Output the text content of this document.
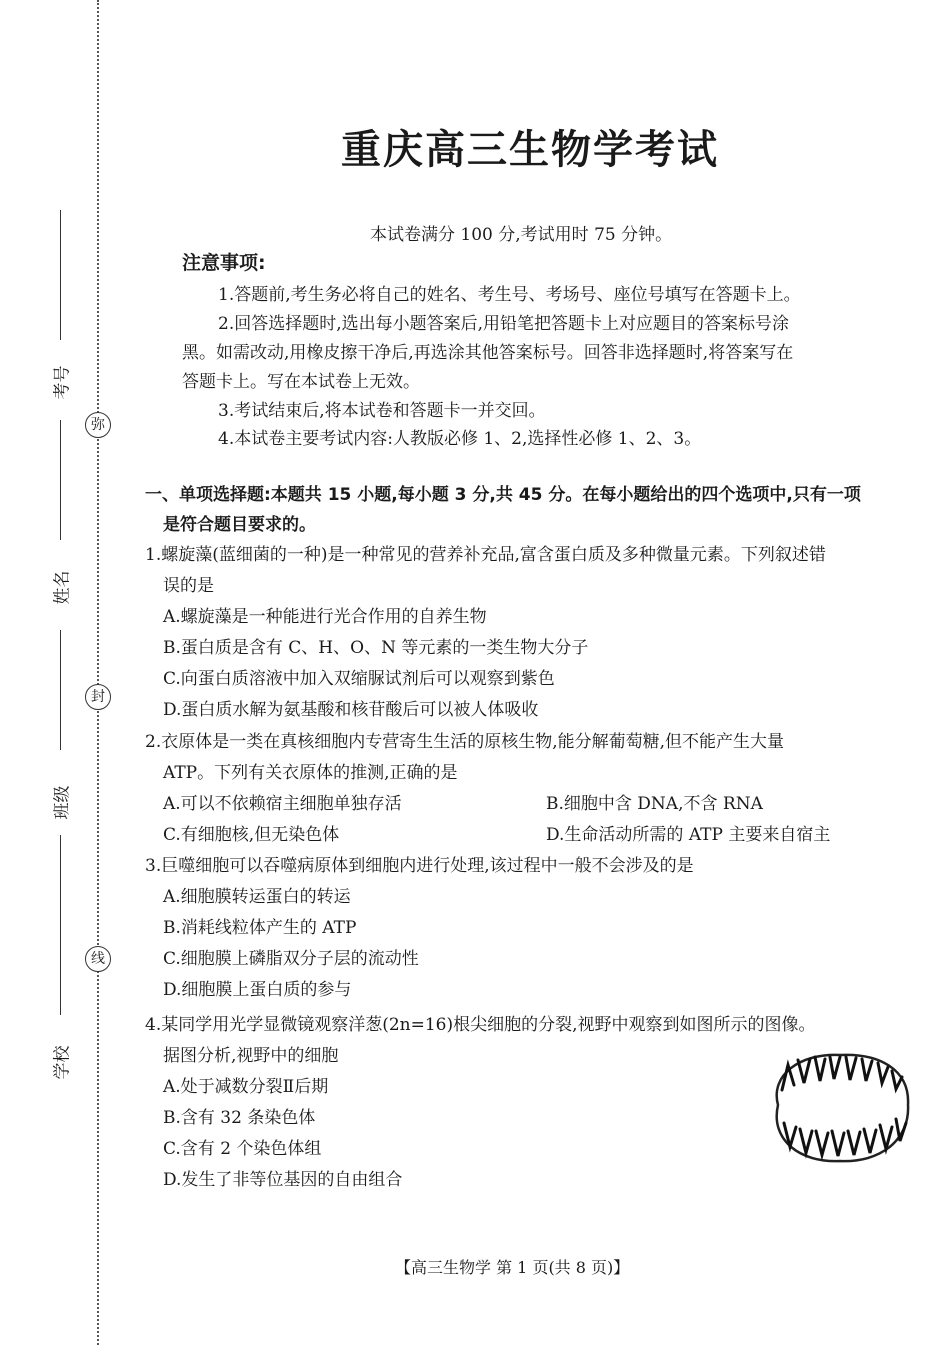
考号
姓名
班级
学校
弥
封
线
重庆高三生物学考试
本试卷满分 100 分,考试用时 75 分钟。
注意事项:
1.答题前,考生务必将自己的姓名、考生号、考场号、座位号填写在答题卡上。
2.回答选择题时,选出每小题答案后,用铅笔把答题卡上对应题目的答案标号涂
黑。如需改动,用橡皮擦干净后,再选涂其他答案标号。回答非选择题时,将答案写在
答题卡上。写在本试卷上无效。
3.考试结束后,将本试卷和答题卡一并交回。
4.本试卷主要考试内容:人教版必修 1、2,选择性必修 1、2、3。
一、单项选择题:本题共 15 小题,每小题 3 分,共 45 分。在每小题给出的四个选项中,只有一项
是符合题目要求的。
1.螺旋藻(蓝细菌的一种)是一种常见的营养补充品,富含蛋白质及多种微量元素。下列叙述错
误的是
A.螺旋藻是一种能进行光合作用的自养生物
B.蛋白质是含有 C、H、O、N 等元素的一类生物大分子
C.向蛋白质溶液中加入双缩脲试剂后可以观察到紫色
D.蛋白质水解为氨基酸和核苷酸后可以被人体吸收
2.衣原体是一类在真核细胞内专营寄生生活的原核生物,能分解葡萄糖,但不能产生大量
ATP。下列有关衣原体的推测,正确的是
A.可以不依赖宿主细胞单独存活	B.细胞中含 DNA,不含 RNA
C.有细胞核,但无染色体	D.生命活动所需的 ATP 主要来自宿主
3.巨噬细胞可以吞噬病原体到细胞内进行处理,该过程中一般不会涉及的是
A.细胞膜转运蛋白的转运
B.消耗线粒体产生的 ATP
C.细胞膜上磷脂双分子层的流动性
D.细胞膜上蛋白质的参与
4.某同学用光学显微镜观察洋葱(2n=16)根尖细胞的分裂,视野中观察到如图所示的图像。
据图分析,视野中的细胞
A.处于减数分裂Ⅱ后期
B.含有 32 条染色体
C.含有 2 个染色体组
D.发生了非等位基因的自由组合
【高三生物学 第 1 页(共 8 页)】
